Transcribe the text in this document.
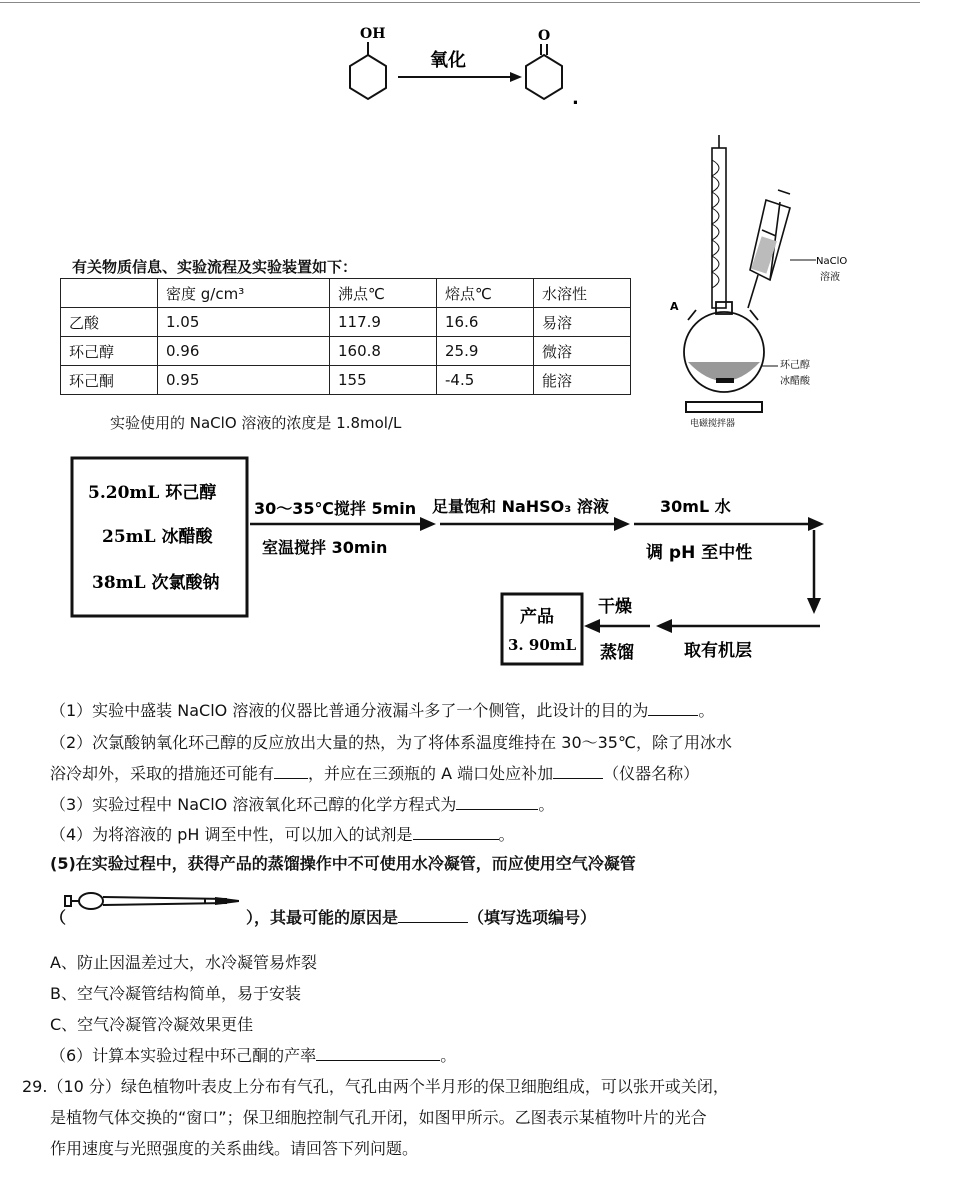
OH
氧化
O
.
有关物质信息、实验流程及实验装置如下：
	密度 g/cm³	沸点℃	熔点℃	水溶性
乙酸	1.05	117.9	16.6	易溶
环己醇	0.96	160.8	25.9	微溶
环己酮	0.95	155	-4.5	能溶
实验使用的 NaClO 溶液的浓度是 1.8mol/L
A
NaClO
溶液
环己醇
冰醋酸
电磁搅拌器
5.20mL 环己醇
25mL 冰醋酸
38mL 次氯酸钠
30～35℃搅拌 5min
室温搅拌 30min
足量饱和 NaHSO₃ 溶液	30mL 水
调 pH 至中性
取有机层
干燥
蒸馏
产品
3. 90mL
（1）实验中盛装 NaClO 溶液的仪器比普通分液漏斗多了一个侧管，此设计的目的为	。
（2）次氯酸钠氧化环己醇的反应放出大量的热，为了将体系温度维持在 30～35℃，除了用冰水
浴冷却外，采取的措施还可能有 ，并应在三颈瓶的 A 端口处应补加	（仪器名称）
（3）实验过程中 NaClO 溶液氧化环己醇的化学方程式为	。
（4）为将溶液的 pH 调至中性，可以加入的试剂是	。
(5)在实验过程中，获得产品的蒸馏操作中不可使用水冷凝管，而应使用空气冷凝管
（	），其最可能的原因是	（填写选项编号）
A、防止因温差过大，水冷凝管易炸裂
B、空气冷凝管结构简单，易于安装
C、空气冷凝管冷凝效果更佳
（6）计算本实验过程中环己酮的产率	。
29.（10 分）绿色植物叶表皮上分布有气孔，气孔由两个半月形的保卫细胞组成，可以张开或关闭，
是植物气体交换的“窗口”；保卫细胞控制气孔开闭，如图甲所示。乙图表示某植物叶片的光合
作用速度与光照强度的关系曲线。请回答下列问题。
